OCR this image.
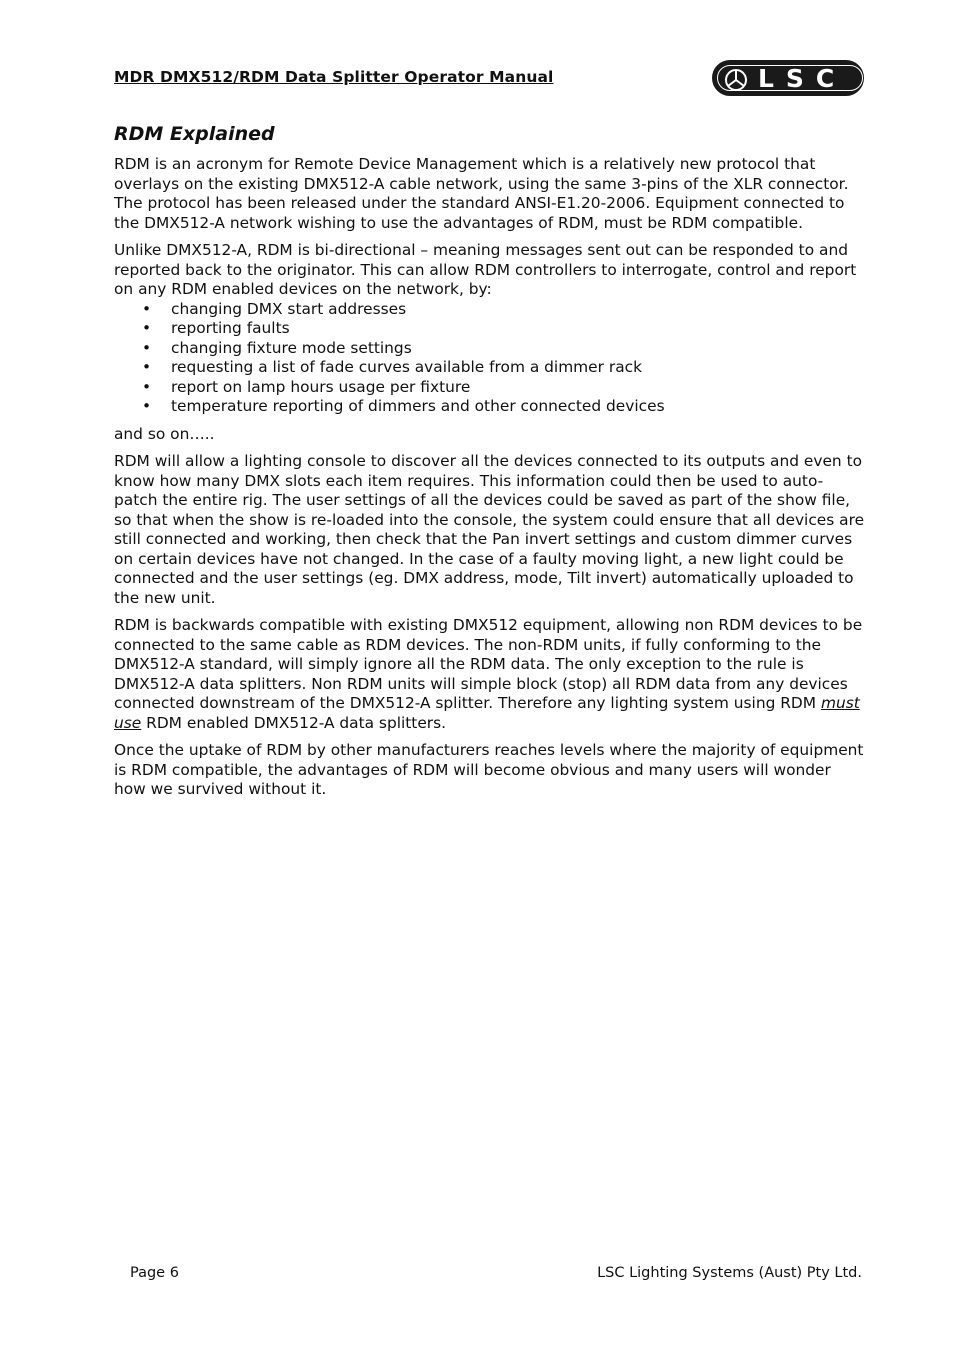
MDR DMX512/RDM Data Splitter Operator Manual	LSC
RDM Explained

RDM is an acronym for Remote Device Management which is a relatively new protocol that overlays on the existing DMX512-A cable network, using the same 3-pins of the XLR connector. The protocol has been released under the standard ANSI-E1.20-2006. Equipment connected to the DMX512-A network wishing to use the advantages of RDM, must be RDM compatible.

Unlike DMX512-A, RDM is bi-directional – meaning messages sent out can be responded to and reported back to the originator. This can allow RDM controllers to interrogate, control and report on any RDM enabled devices on the network, by:

• changing DMX start addresses
• reporting faults
• changing fixture mode settings
• requesting a list of fade curves available from a dimmer rack
• report on lamp hours usage per fixture
• temperature reporting of dimmers and other connected devices

and so on…..

RDM will allow a lighting console to discover all the devices connected to its outputs and even to know how many DMX slots each item requires. This information could then be used to auto-patch the entire rig. The user settings of all the devices could be saved as part of the show file, so that when the show is re-loaded into the console, the system could ensure that all devices are still connected and working, then check that the Pan invert settings and custom dimmer curves on certain devices have not changed. In the case of a faulty moving light, a new light could be connected and the user settings (eg. DMX address, mode, Tilt invert) automatically uploaded to the new unit.

RDM is backwards compatible with existing DMX512 equipment, allowing non RDM devices to be connected to the same cable as RDM devices. The non-RDM units, if fully conforming to the DMX512-A standard, will simply ignore all the RDM data. The only exception to the rule is DMX512-A data splitters. Non RDM units will simple block (stop) all RDM data from any devices connected downstream of the DMX512-A splitter. Therefore any lighting system using RDM must use RDM enabled DMX512-A data splitters.

Once the uptake of RDM by other manufacturers reaches levels where the majority of equipment is RDM compatible, the advantages of RDM will become obvious and many users will wonder how we survived without it.

Page 6	LSC Lighting Systems (Aust) Pty Ltd.
